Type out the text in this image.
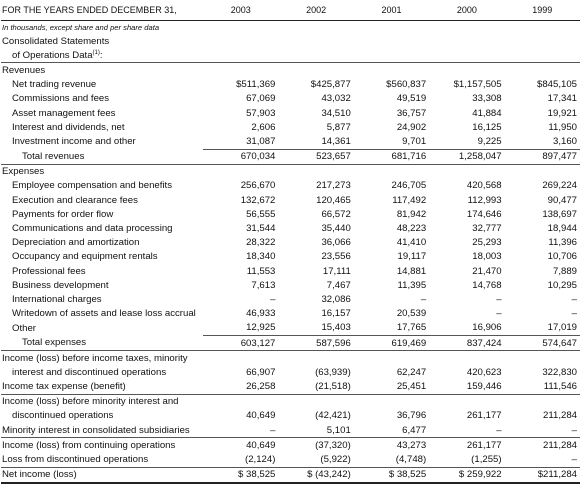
FOR THE YEARS ENDED DECEMBER 31,	2003	2002	2001	2000	1999
In thousands, except share and per share data					
Consolidated Statements					
of Operations Data$^{(1)}$:					
Revenues					
Net trading revenue	$511,369	$425,877	$560,837	$1,157,505	$845,105
Commissions and fees	67,069	43,032	49,519	33,308	17,341
Asset management fees	57,903	34,510	36,757	41,884	19,921
Interest and dividends, net	2,606	5,877	24,902	16,125	11,950
Investment income and other	31,087	14,361	9,701	9,225	3,160
Total revenues	670,034	523,657	681,716	1,258,047	897,477
Expenses					
Employee compensation and benefits	256,670	217,273	246,705	420,568	269,224
Execution and clearance fees	132,672	120,465	117,492	112,993	90,477
Payments for order flow	56,555	66,572	81,942	174,646	138,697
Communications and data processing	31,544	35,440	48,223	32,777	18,944
Depreciation and amortization	28,322	36,066	41,410	25,293	11,396
Occupancy and equipment rentals	18,340	23,556	19,117	18,003	10,706
Professional fees	11,553	17,111	14,881	21,470	7,889
Business development	7,613	7,467	11,395	14,768	10,295
International charges	–	32,086	–	–	–
Writedown of assets and lease loss accrual	46,933	16,157	20,539	–	–
Other	12,925	15,403	17,765	16,906	17,019
Total expenses	603,127	587,596	619,469	837,424	574,647
Income (loss) before income taxes, minority					
interest and discontinued operations	66,907	(63,939)	62,247	420,623	322,830
Income tax expense (benefit)	26,258	(21,518)	25,451	159,446	111,546
Income (loss) before minority interest and					
discontinued operations	40,649	(42,421)	36,796	261,177	211,284
Minority interest in consolidated subsidiaries	–	5,101	6,477	–	–
Income (loss) from continuing operations	40,649	(37,320)	43,273	261,177	211,284
Loss from discontinued operations	(2,124)	(5,922)	(4,748)	(1,255)	–
Net income (loss)	$ 38,525	$ (43,242)	$ 38,525	$ 259,922	$211,284
